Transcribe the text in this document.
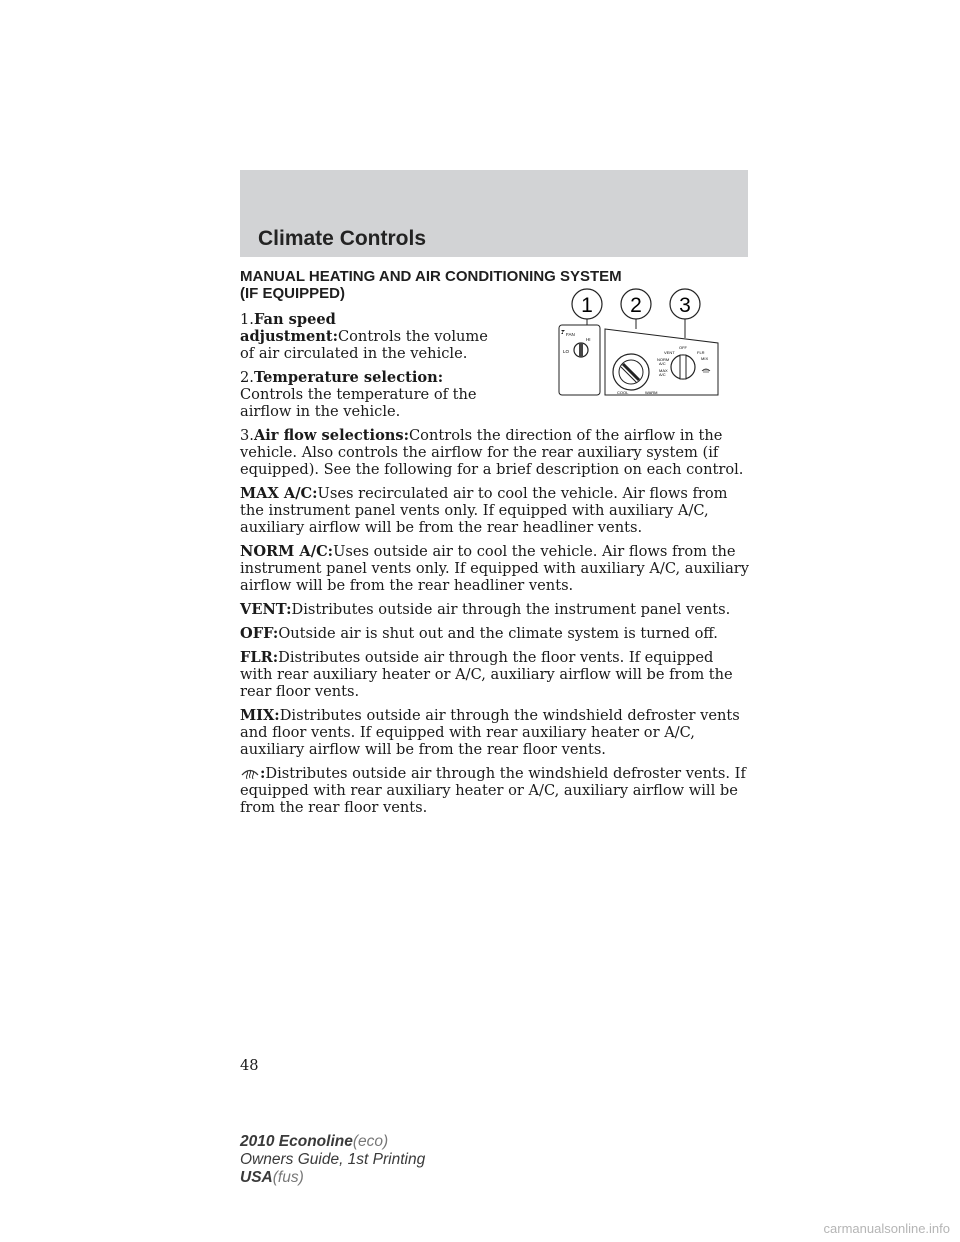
Climate Controls
MANUAL HEATING AND AIR CONDITIONING SYSTEM
(IF EQUIPPED)

1.Fan speed adjustment:Controls the volume of air circulated in the vehicle.

2.Temperature selection:
Controls the temperature of the airflow in the vehicle.

3.Air flow selections:Controls the direction of the airflow in the vehicle. Also controls the airflow for the rear auxiliary system (if equipped). See the following for a brief description on each control.

MAX A/C:Uses recirculated air to cool the vehicle. Air flows from the instrument panel vents only. If equipped with auxiliary A/C, auxiliary airflow will be from the rear headliner vents.

NORM A/C:Uses outside air to cool the vehicle. Air flows from the instrument panel vents only. If equipped with auxiliary A/C, auxiliary airflow will be from the rear headliner vents.

VENT:Distributes outside air through the instrument panel vents.

OFF:Outside air is shut out and the climate system is turned off.

FLR:Distributes outside air through the floor vents. If equipped with rear auxiliary heater or A/C, auxiliary airflow will be from the rear floor vents.

MIX:Distributes outside air through the windshield defroster vents and floor vents. If equipped with rear auxiliary heater or A/C, auxiliary airflow will be from the rear floor vents.

:Distributes outside air through the windshield defroster vents. If equipped with rear auxiliary heater or A/C, auxiliary airflow will be from the rear floor vents.

1 2 3
FAN
HI
LO
COOL	WARM
OFF
VENT	FLR
NORM
A/C
MAX
A/C
MIX
48
2010 Econoline(eco)
Owners Guide, 1st Printing
USA(fus)
carmanualsonline.info
